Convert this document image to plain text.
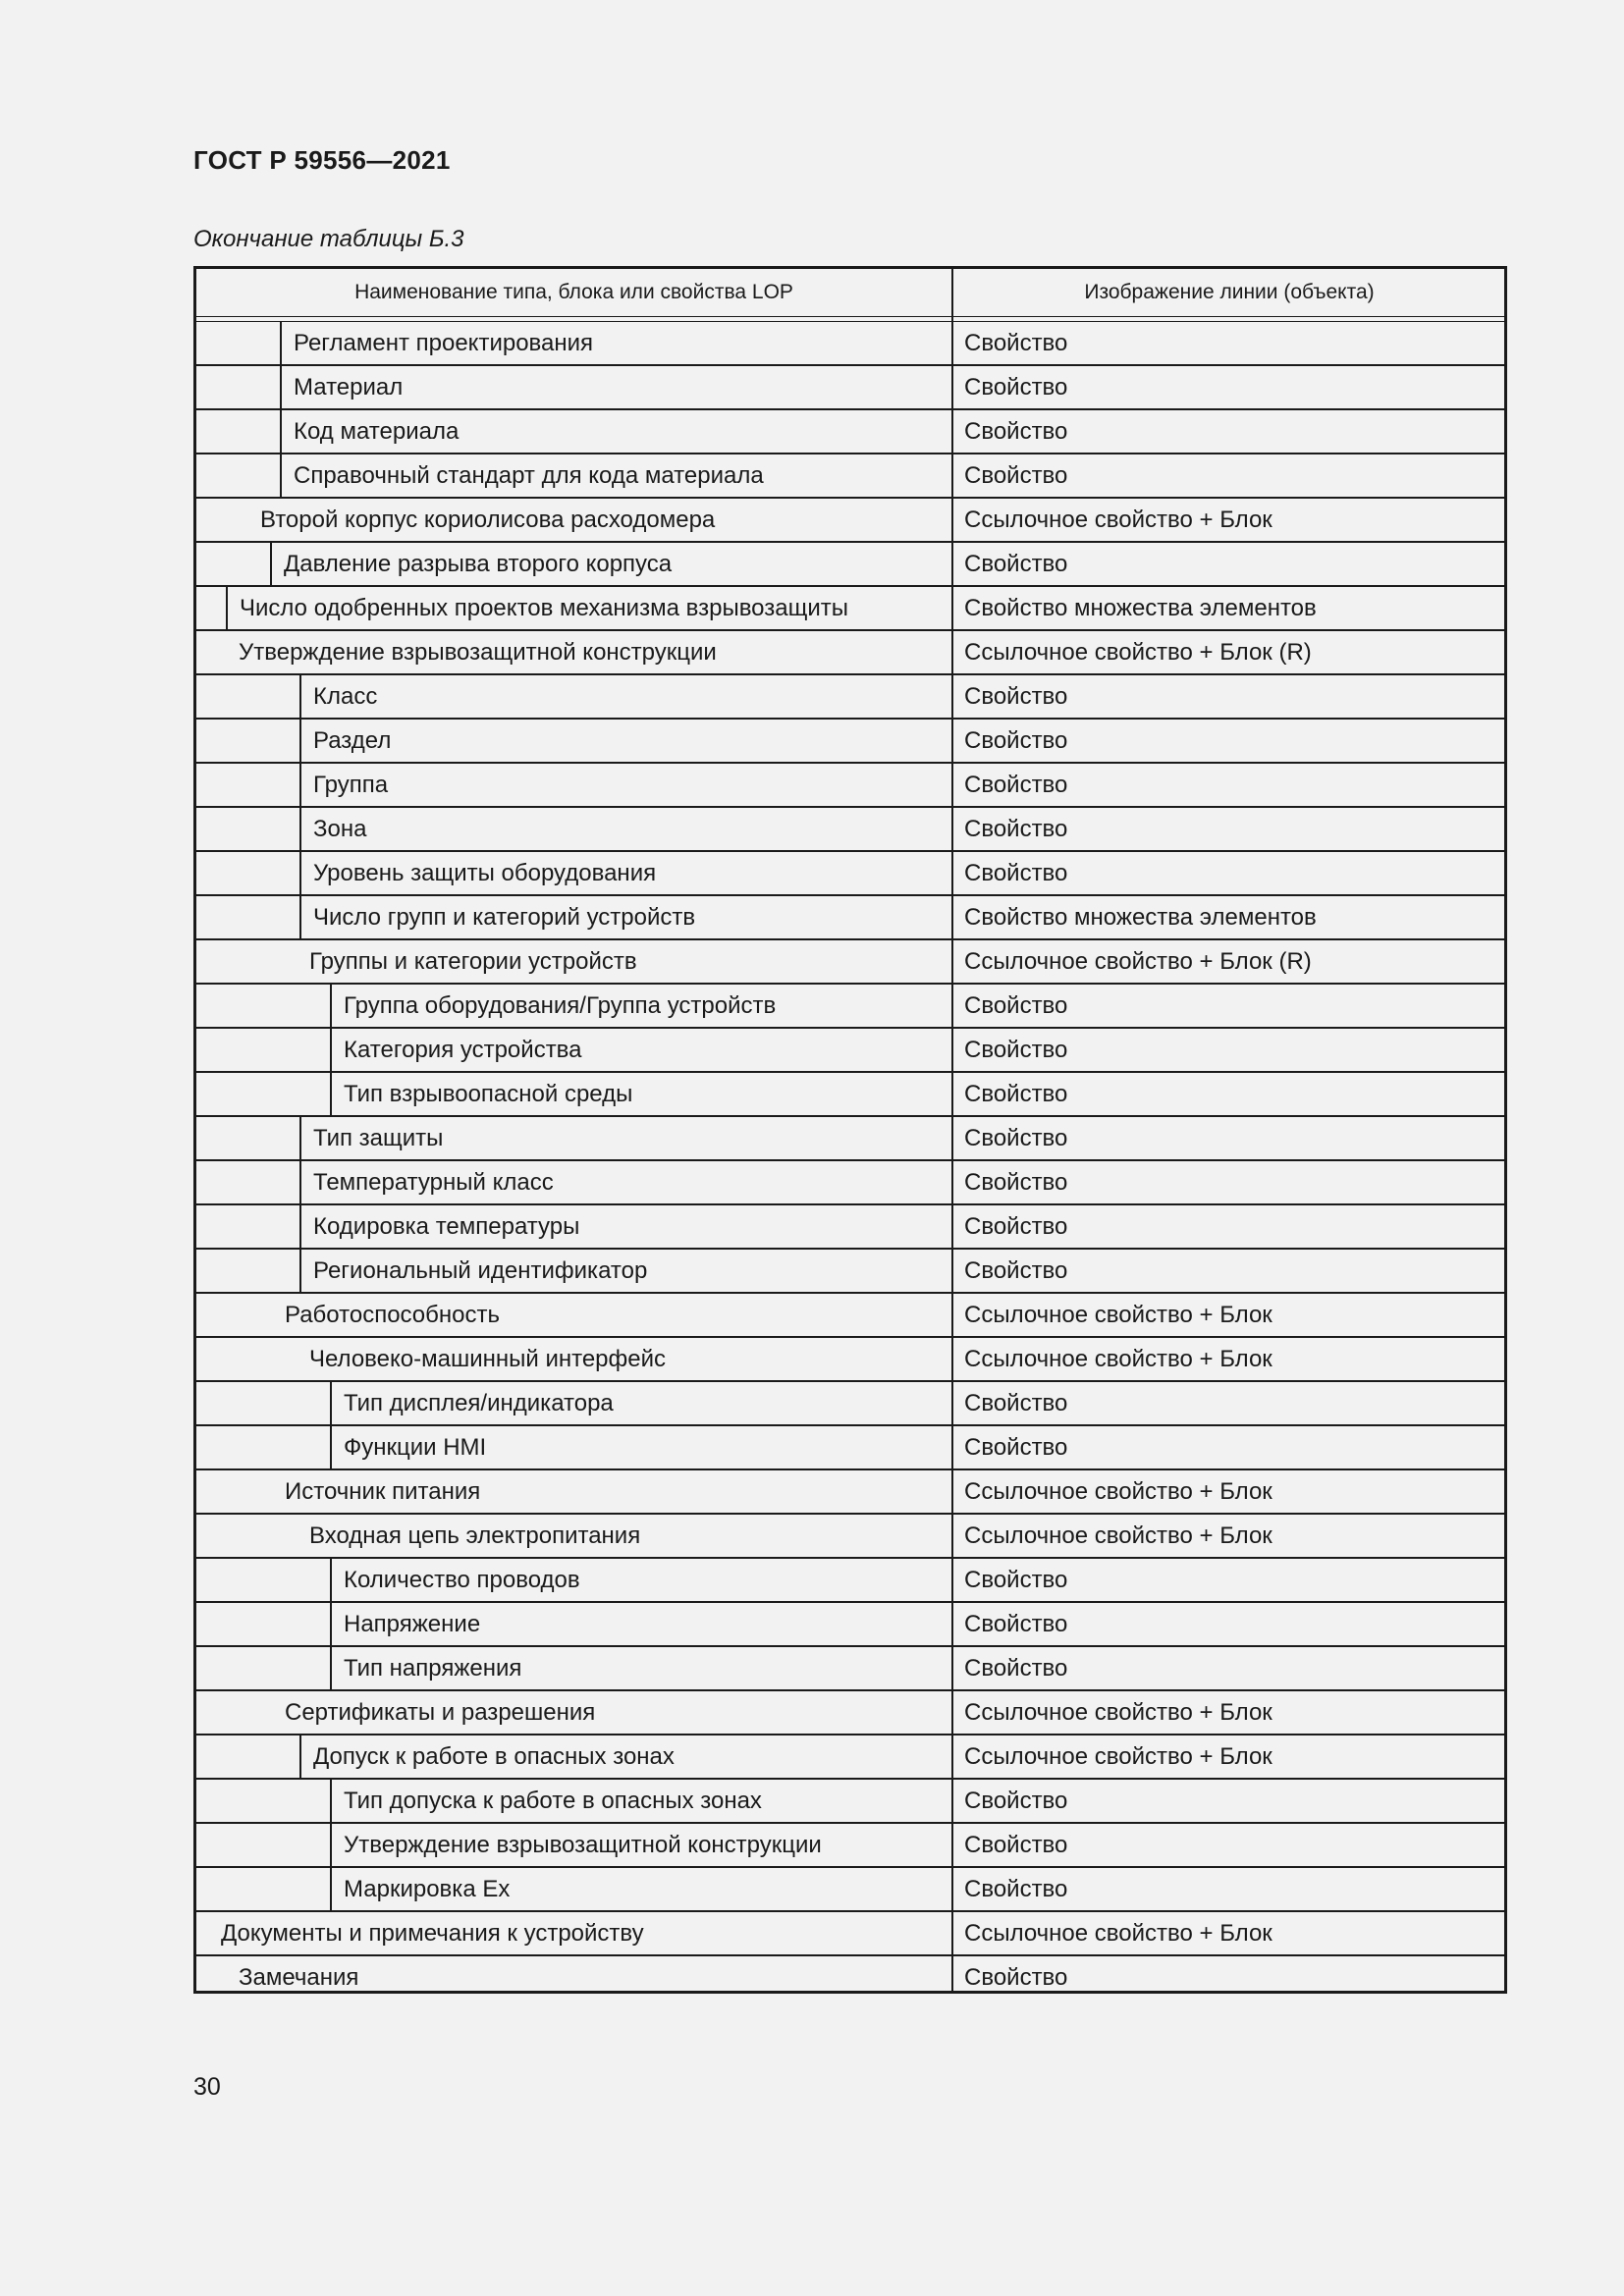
ГОСТ Р 59556—2021
Окончание таблицы Б.3
Наименование типа, блока или свойства LOP	Изображение линии (объекта)
Регламент проектирования	Свойство
Материал	Свойство
Код материала	Свойство
Справочный стандарт для кода материала	Свойство
Второй корпус кориолисова расходомера	Ссылочное свойство + Блок
Давление разрыва второго корпуса	Свойство
Число одобренных проектов механизма взрывозащиты	Свойство множества элементов
Утверждение взрывозащитной конструкции	Ссылочное свойство + Блок (R)
Класс	Свойство
Раздел	Свойство
Группа	Свойство
Зона	Свойство
Уровень защиты оборудования	Свойство
Число групп и категорий устройств	Свойство множества элементов
Группы и категории устройств	Ссылочное свойство + Блок (R)
Группа оборудования/Группа устройств	Свойство
Категория устройства	Свойство
Тип взрывоопасной среды	Свойство
Тип защиты	Свойство
Температурный класс	Свойство
Кодировка температуры	Свойство
Региональный идентификатор	Свойство
Работоспособность	Ссылочное свойство + Блок
Человеко-машинный интерфейс	Ссылочное свойство + Блок
Тип дисплея/индикатора	Свойство
Функции HMI	Свойство
Источник питания	Ссылочное свойство + Блок
Входная цепь электропитания	Ссылочное свойство + Блок
Количество проводов	Свойство
Напряжение	Свойство
Тип напряжения	Свойство
Сертификаты и разрешения	Ссылочное свойство + Блок
Допуск к работе в опасных зонах	Ссылочное свойство + Блок
Тип допуска к работе в опасных зонах	Свойство
Утверждение взрывозащитной конструкции	Свойство
Маркировка Ex	Свойство
Документы и примечания к устройству	Ссылочное свойство + Блок
Замечания	Свойство
30
